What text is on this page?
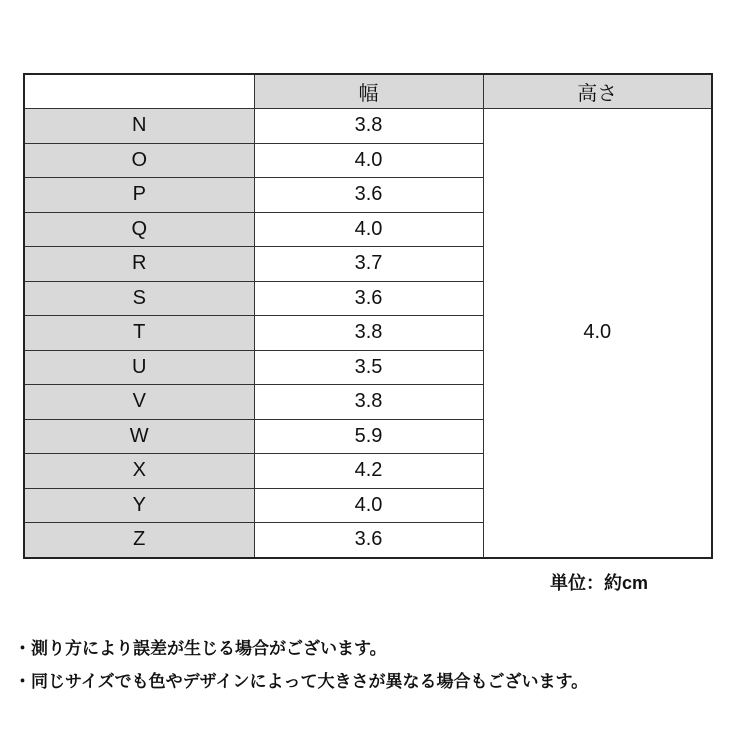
	幅	高さ
N	3.8	4.0
O	4.0	
P	3.6	
Q	4.0	
R	3.7	
S	3.6	
T	3.8	
U	3.5	
V	3.8	
W	5.9	
X	4.2	
Y	4.0	
Z	3.6	
単位：約cm
・測り方により誤差が生じる場合がございます。
・同じサイズでも色やデザインによって大きさが異なる場合もございます。
